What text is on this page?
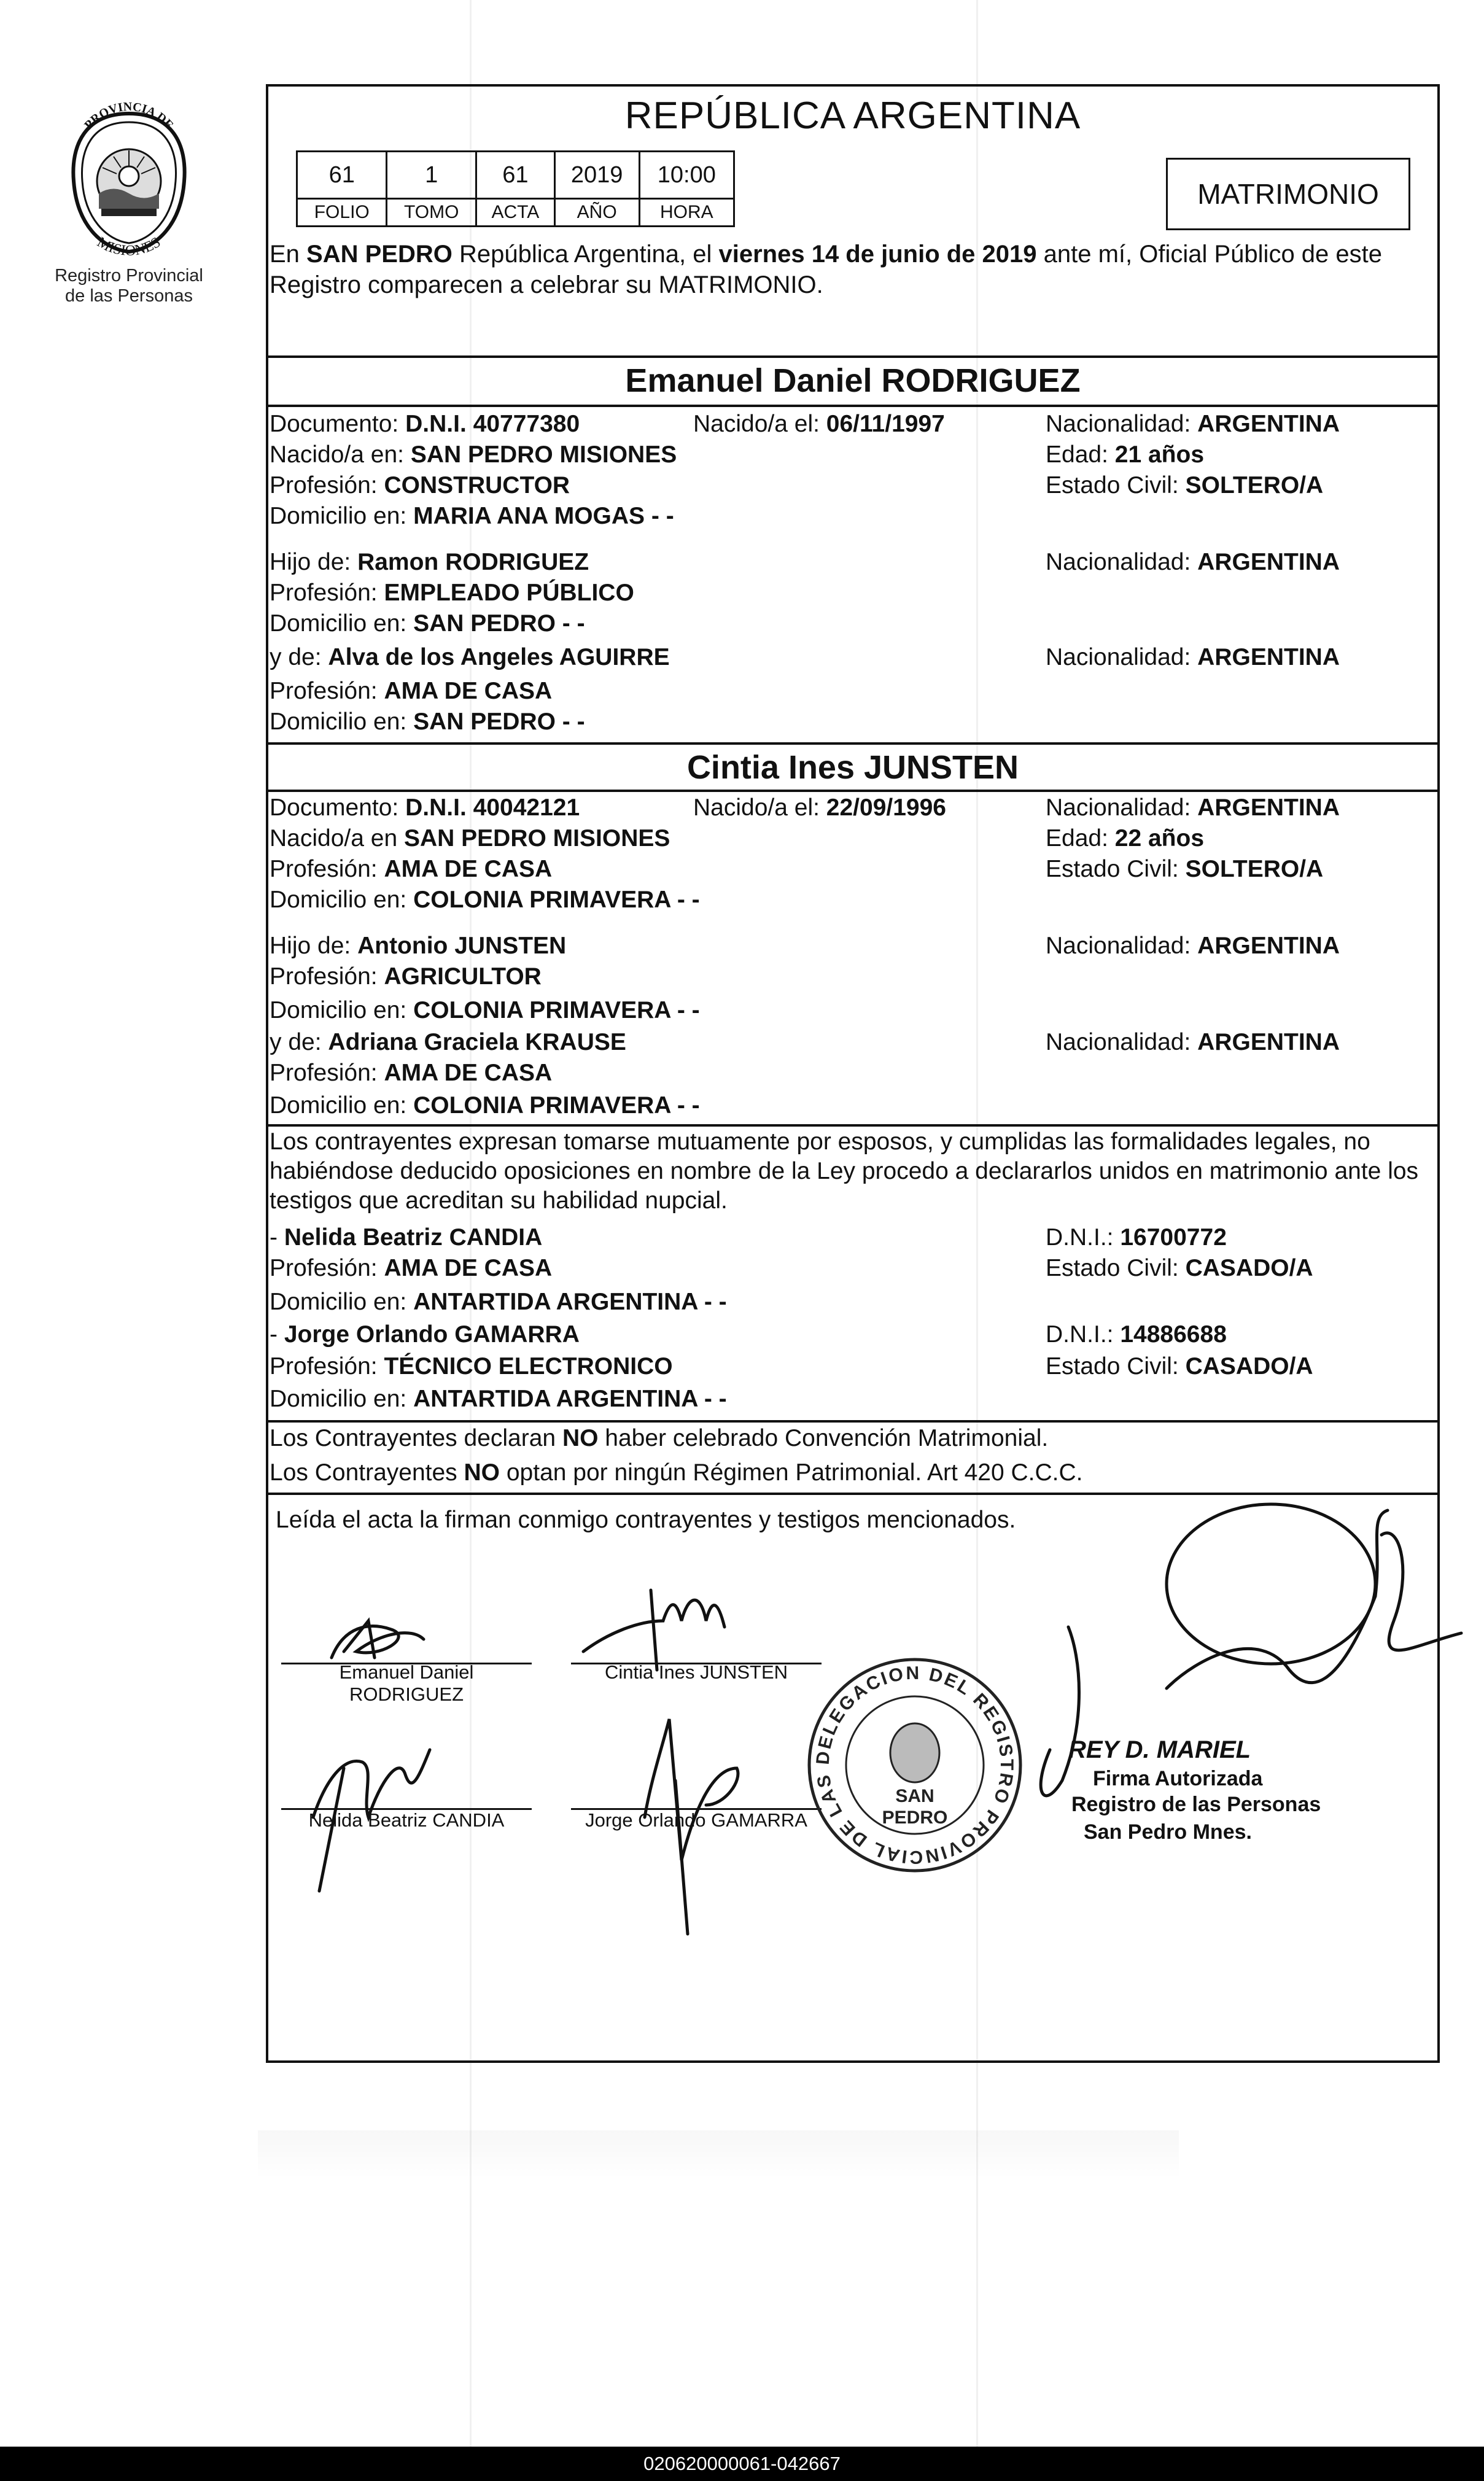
PROVINCIA DE
MISIONES
Registro Provincial
de las Personas
REPÚBLICA ARGENTINA
61	1	61	2019	10:00
FOLIO	TOMO	ACTA	AÑO	HORA
MATRIMONIO
En SAN PEDRO República Argentina, el viernes 14 de junio de 2019 ante mí, Oficial Público de este Registro comparecen a celebrar su MATRIMONIO.
Emanuel Daniel RODRIGUEZ
Documento: D.N.I. 40777380	Nacido/a el: 06/11/1997	Nacionalidad: ARGENTINA
Nacido/a en: SAN PEDRO MISIONES	Edad: 21 años
Profesión: CONSTRUCTOR	Estado Civil: SOLTERO/A
Domicilio en: MARIA ANA MOGAS - -
Hijo de: Ramon RODRIGUEZ	Nacionalidad: ARGENTINA
Profesión: EMPLEADO PÚBLICO
Domicilio en: SAN PEDRO - -
y de: Alva de los Angeles AGUIRRE	Nacionalidad: ARGENTINA
Profesión: AMA DE CASA
Domicilio en: SAN PEDRO - -
Cintia Ines JUNSTEN
Documento: D.N.I. 40042121	Nacido/a el: 22/09/1996	Nacionalidad: ARGENTINA
Nacido/a en SAN PEDRO MISIONES	Edad: 22 años
Profesión: AMA DE CASA	Estado Civil: SOLTERO/A
Domicilio en: COLONIA PRIMAVERA - -
Hijo de: Antonio JUNSTEN	Nacionalidad: ARGENTINA
Profesión: AGRICULTOR
Domicilio en: COLONIA PRIMAVERA - -
y de: Adriana Graciela KRAUSE	Nacionalidad: ARGENTINA
Profesión: AMA DE CASA
Domicilio en: COLONIA PRIMAVERA - -
Los contrayentes expresan tomarse mutuamente por esposos, y cumplidas las formalidades legales, no habiéndose deducido oposiciones en nombre de la Ley procedo a declararlos unidos en matrimonio ante los testigos que acreditan su habilidad nupcial.
- Nelida Beatriz CANDIA	D.N.I.: 16700772
Profesión: AMA DE CASA	Estado Civil: CASADO/A
Domicilio en: ANTARTIDA ARGENTINA - -
- Jorge Orlando GAMARRA	D.N.I.: 14886688
Profesión: TÉCNICO ELECTRONICO	Estado Civil: CASADO/A
Domicilio en: ANTARTIDA ARGENTINA - -
Los Contrayentes declaran NO haber celebrado Convención Matrimonial.
Los Contrayentes NO optan por ningún Régimen Patrimonial. Art 420 C.C.C.
Leída el acta la firman conmigo contrayentes y testigos mencionados.
Emanuel Daniel
RODRIGUEZ
Cintia Ines JUNSTEN
Nelida Beatriz CANDIA	Jorge Orlando GAMARRA
DELEGACION DEL REGISTRO PROVINCIAL DE LAS
SAN
PEDRO
REY D. MARIEL
Firma Autorizada
Registro de las Personas
San Pedro Mnes.
020620000061-042667
